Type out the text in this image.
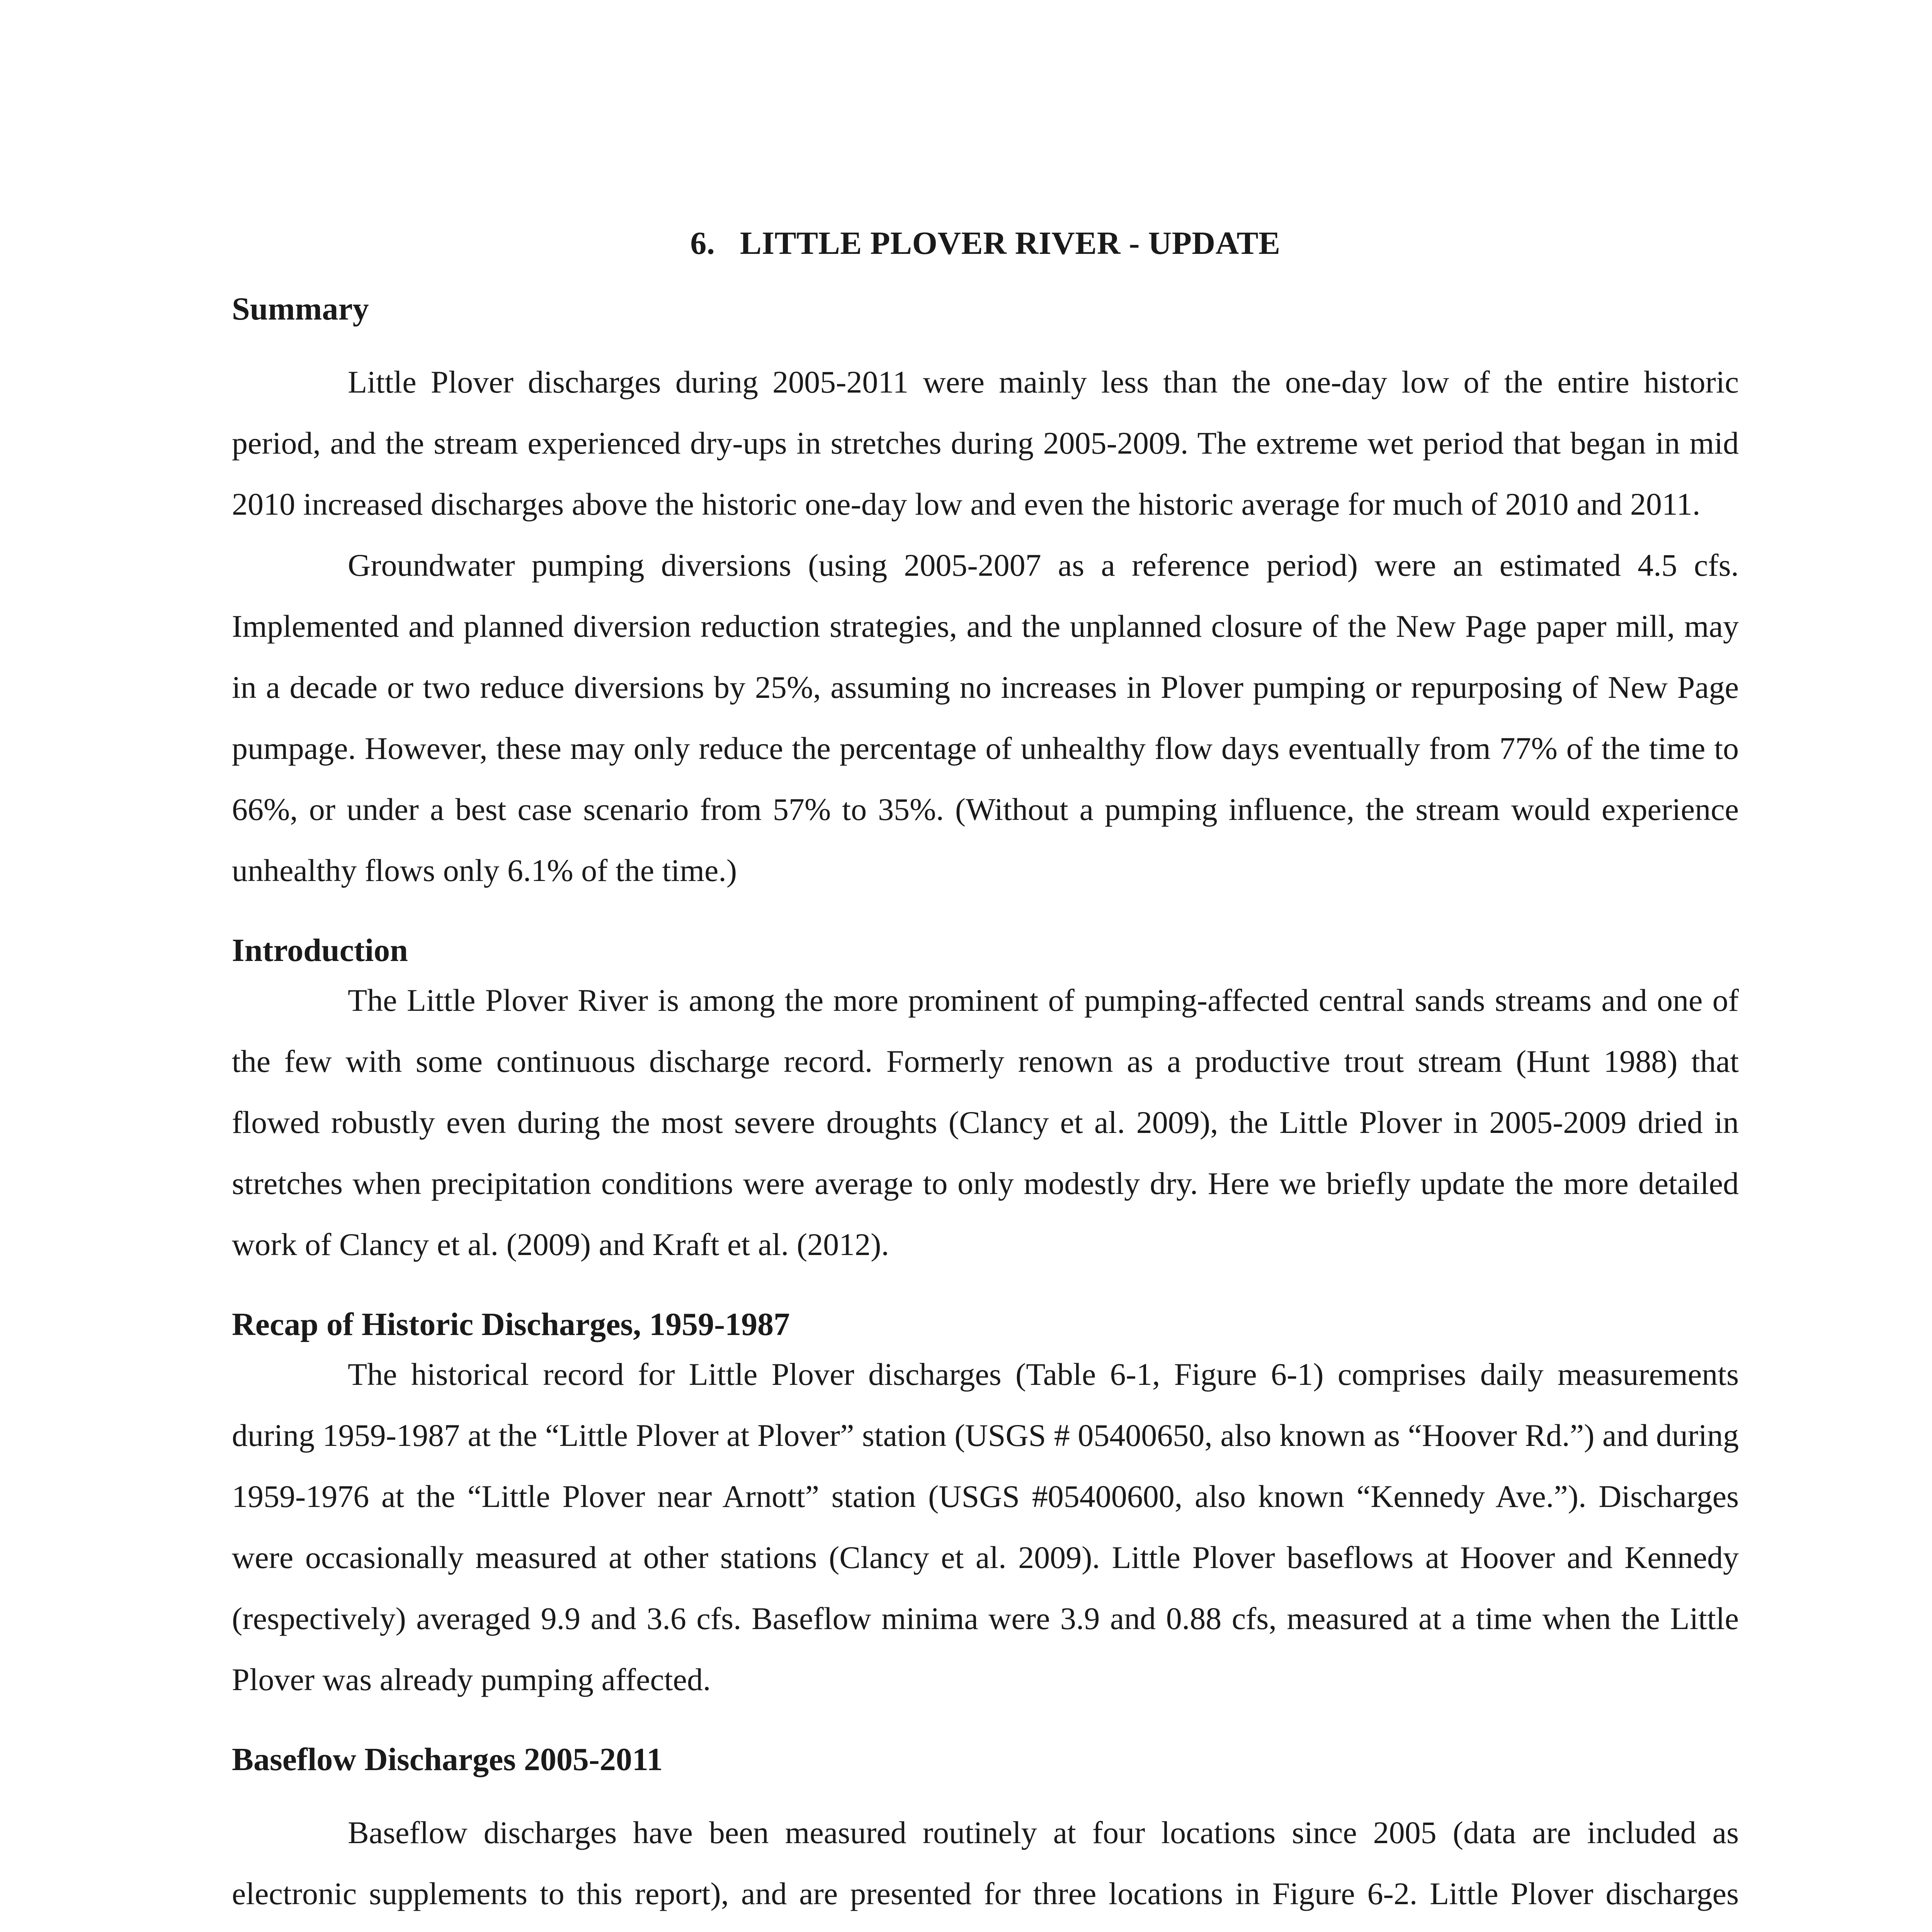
6.   LITTLE PLOVER RIVER - UPDATE
Summary

Little Plover discharges during 2005-2011 were mainly less than the one-day low of the entire historic period, and the stream experienced dry-ups in stretches during 2005-2009. The extreme wet period that began in mid 2010 increased discharges above the historic one-day low and even the historic average for much of 2010 and 2011.

Groundwater pumping diversions (using 2005-2007 as a reference period) were an estimated 4.5 cfs. Implemented and planned diversion reduction strategies, and the unplanned closure of the New Page paper mill, may in a decade or two reduce diversions by 25%, assuming no increases in Plover pumping or repurposing of New Page pumpage. However, these may only reduce the percentage of unhealthy flow days eventually from 77% of the time to 66%, or under a best case scenario from 57% to 35%. (Without a pumping influence, the stream would experience unhealthy flows only 6.1% of the time.)

Introduction

The Little Plover River is among the more prominent of pumping-affected central sands streams and one of the few with some continuous discharge record. Formerly renown as a productive trout stream (Hunt 1988) that flowed robustly even during the most severe droughts (Clancy et al. 2009), the Little Plover in 2005-2009 dried in stretches when precipitation conditions were average to only modestly dry. Here we briefly update the more detailed work of Clancy et al. (2009) and Kraft et al. (2012).

Recap of Historic Discharges, 1959-1987

The historical record for Little Plover discharges (Table 6-1, Figure 6-1) comprises daily measurements during 1959-1987 at the “Little Plover at Plover” station (USGS # 05400650, also known as “Hoover Rd.”) and during 1959-1976 at the “Little Plover near Arnott” station (USGS #05400600, also known “Kennedy Ave.”). Discharges were occasionally measured at other stations (Clancy et al. 2009). Little Plover baseflows at Hoover and Kennedy (respectively) averaged 9.9 and 3.6 cfs. Baseflow minima were 3.9 and 0.88 cfs, measured at a time when the Little Plover was already pumping affected.

Baseflow Discharges 2005-2011

Baseflow discharges have been measured routinely at four locations since 2005 (data are included as electronic supplements to this report), and are presented for three locations in Figure 6-2. Little Plover discharges
